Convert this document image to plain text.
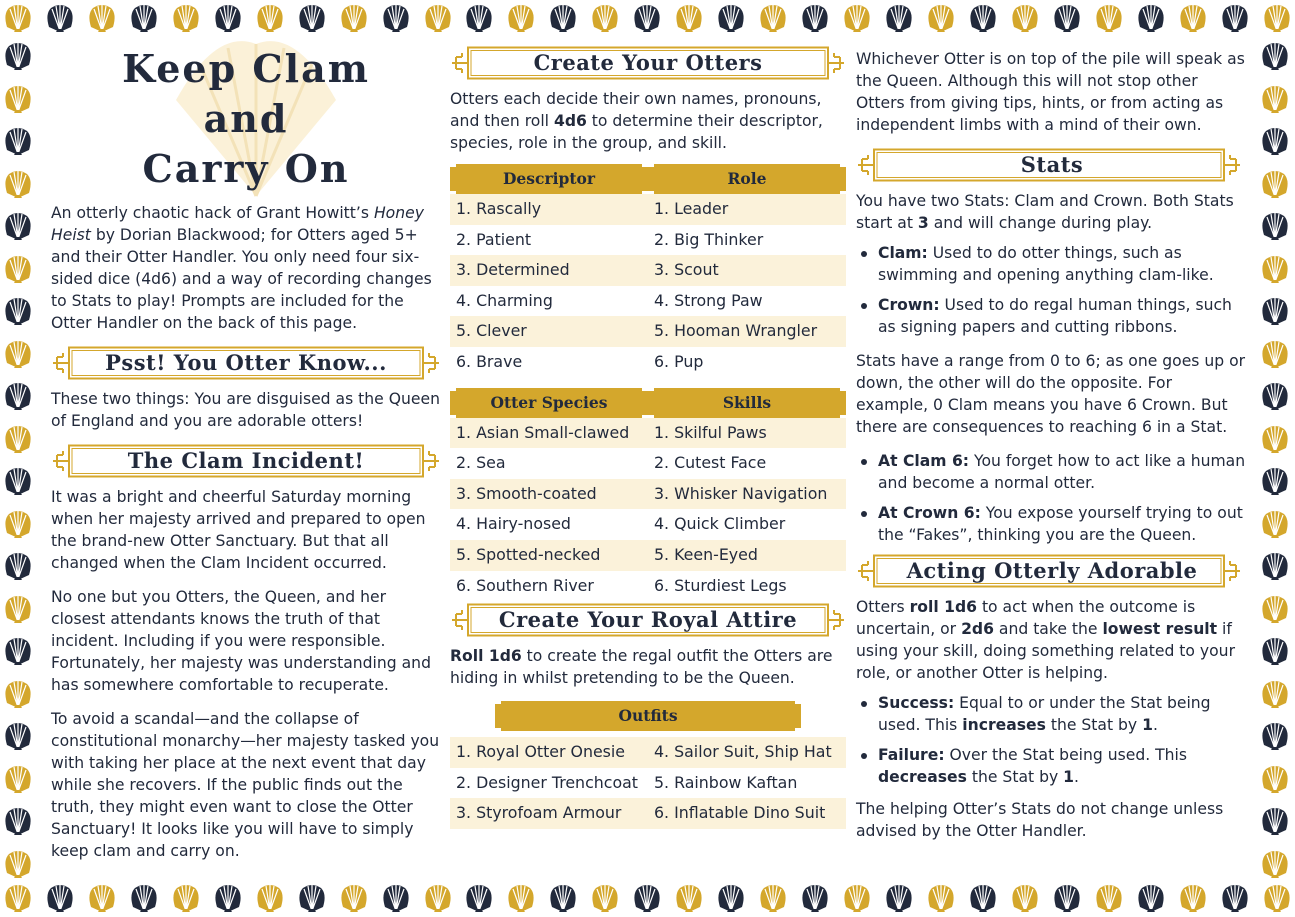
Keep Clam
and
Carry On

An otterly chaotic hack of Grant Howitt’s Honey Heist by Dorian Blackwood; for Otters aged 5+ and their Otter Handler. You only need four six-sided dice (4d6) and a way of recording changes to Stats to play! Prompts are included for the Otter Handler on the back of this page.

Psst! You Otter Know...

These two things: You are disguised as the Queen of England and you are adorable otters!

The Clam Incident!

It was a bright and cheerful Saturday morning when her majesty arrived and prepared to open the brand-new Otter Sanctuary. But that all changed when the Clam Incident occurred.

No one but you Otters, the Queen, and her closest attendants knows the truth of that incident. Including if you were responsible. Fortunately, her majesty was understanding and has somewhere comfortable to recuperate.

To avoid a scandal—and the collapse of constitutional monarchy—her majesty tasked you with taking her place at the next event that day while she recovers. If the public finds out the truth, they might even want to close the Otter Sanctuary! It looks like you will have to simply keep clam and carry on.

Create Your Otters

Otters each decide their own names, pronouns, and then roll 4d6 to determine their descriptor, species, role in the group, and skill.

Descriptor	Role
1. Rascally	1. Leader
2. Patient	2. Big Thinker
3. Determined	3. Scout
4. Charming	4. Strong Paw
5. Clever	5. Hooman Wrangler
6. Brave	6. Pup
Otter Species	Skills
1. Asian Small-clawed	1. Skilful Paws
2. Sea	2. Cutest Face
3. Smooth-coated	3. Whisker Navigation
4. Hairy-nosed	4. Quick Climber
5. Spotted-necked	5. Keen-Eyed
6. Southern River	6. Sturdiest Legs
Create Your Royal Attire

Roll 1d6 to create the regal outfit the Otters are hiding in whilst pretending to be the Queen.

Outfits
1. Royal Otter Onesie	4. Sailor Suit, Ship Hat
2. Designer Trenchcoat	5. Rainbow Kaftan
3. Styrofoam Armour	6. Inflatable Dino Suit

Whichever Otter is on top of the pile will speak as the Queen. Although this will not stop other Otters from giving tips, hints, or from acting as independent limbs with a mind of their own.

Stats

You have two Stats: Clam and Crown. Both Stats start at 3 and will change during play.

Clam: Used to do otter things, such as swimming and opening anything clam-like.
Crown: Used to do regal human things, such as signing papers and cutting ribbons.

Stats have a range from 0 to 6; as one goes up or down, the other will do the opposite. For example, 0 Clam means you have 6 Crown. But there are consequences to reaching 6 in a Stat.

At Clam 6: You forget how to act like a human and become a normal otter.
At Crown 6: You expose yourself trying to out the “Fakes”, thinking you are the Queen.
Acting Otterly Adorable

Otters roll 1d6 to act when the outcome is uncertain, or 2d6 and take the lowest result if using your skill, doing something related to your role, or another Otter is helping.

Success: Equal to or under the Stat being used. This increases the Stat by 1.
Failure: Over the Stat being used. This decreases the Stat by 1.

The helping Otter’s Stats do not change unless advised by the Otter Handler.
